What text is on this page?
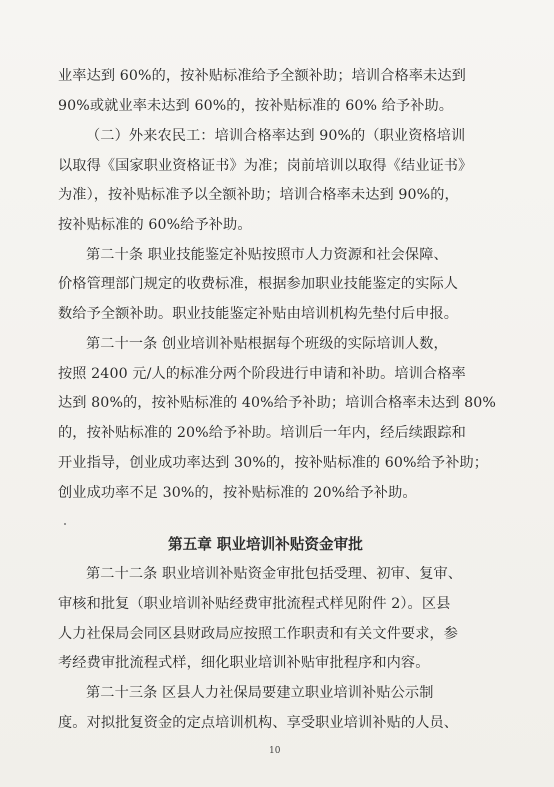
业率达到 60%的，按补贴标准给予全额补助；培训合格率未达到
90%或就业率未达到 60%的，按补贴标准的 60% 给予补助。
（二）外来农民工：培训合格率达到 90%的（职业资格培训
以取得《国家职业资格证书》为准；岗前培训以取得《结业证书》
为准），按补贴标准予以全额补助；培训合格率未达到 90%的，
按补贴标准的 60%给予补助。
第二十条 职业技能鉴定补贴按照市人力资源和社会保障、
价格管理部门规定的收费标准，根据参加职业技能鉴定的实际人
数给予全额补助。职业技能鉴定补贴由培训机构先垫付后申报。
第二十一条 创业培训补贴根据每个班级的实际培训人数，
按照 2400 元/人的标准分两个阶段进行申请和补助。培训合格率
达到 80%的，按补贴标准的 40%给予补助；培训合格率未达到 80%
的，按补贴标准的 20%给予补助。培训后一年内，经后续跟踪和
开业指导，创业成功率达到 30%的，按补贴标准的 60%给予补助；
创业成功率不足 30%的，按补贴标准的 20%给予补助。
第五章 职业培训补贴资金审批
第二十二条 职业培训补贴资金审批包括受理、初审、复审、
审核和批复（职业培训补贴经费审批流程式样见附件 2）。区县
人力社保局会同区县财政局应按照工作职责和有关文件要求，参
考经费审批流程式样，细化职业培训补贴审批程序和内容。
第二十三条 区县人力社保局要建立职业培训补贴公示制
度。对拟批复资金的定点培训机构、享受职业培训补贴的人员、
10
